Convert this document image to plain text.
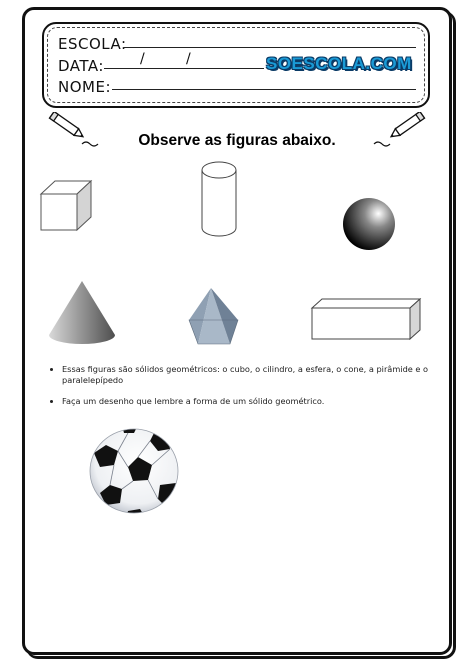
ESCOLA:
DATA:	/	/	SOESCOLA.COM
NOME:
Observe as figuras abaixo.
• Essas figuras são sólidos geométricos: o cubo, o cilindro, a esfera, o cone, a pirâmide e o paralelepípedo
• Faça um desenho que lembre a forma de um sólido geométrico.
